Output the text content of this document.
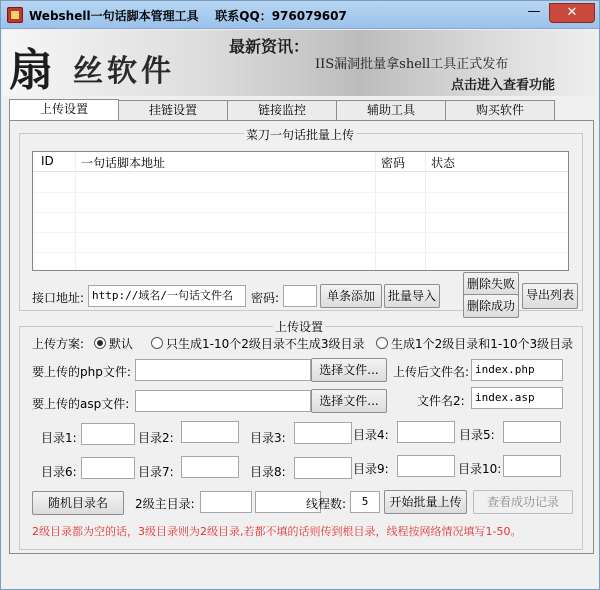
Webshell一句话脚本管理工具    联系QQ：976079607	—	✕
扇 丝软件
最新资讯：
IIS漏洞批量拿shell工具正式发布
点击进入查看功能
上传设置	挂链设置	链接监控	辅助工具	购买软件
菜刀一句话批量上传
ID 一句话脚本地址	密码 状态
接口地址: http://域名/一句话文件名	密码:	单条添加	批量导入
删除失败
删除成功
导出列表
上传设置
上传方案: 默认	只生成1-10个2级目录不生成3级目录 生成1个2级目录和1-10个3级目录
要上传的php文件:	选择文件...	上传后文件名: index.php
要上传的asp文件:	选择文件...	文件名2: index.asp
目录1:	目录2:	目录3:	目录4:	目录5:
目录6:	目录7:	目录8:	目录9:	目录10:
随机目录名	2级主目录:	线程数:	5	开始批量上传	查看成功记录
2级目录都为空的话，3级目录则为2级目录,若都不填的话则传到根目录，线程按网络情况填写1-50。
